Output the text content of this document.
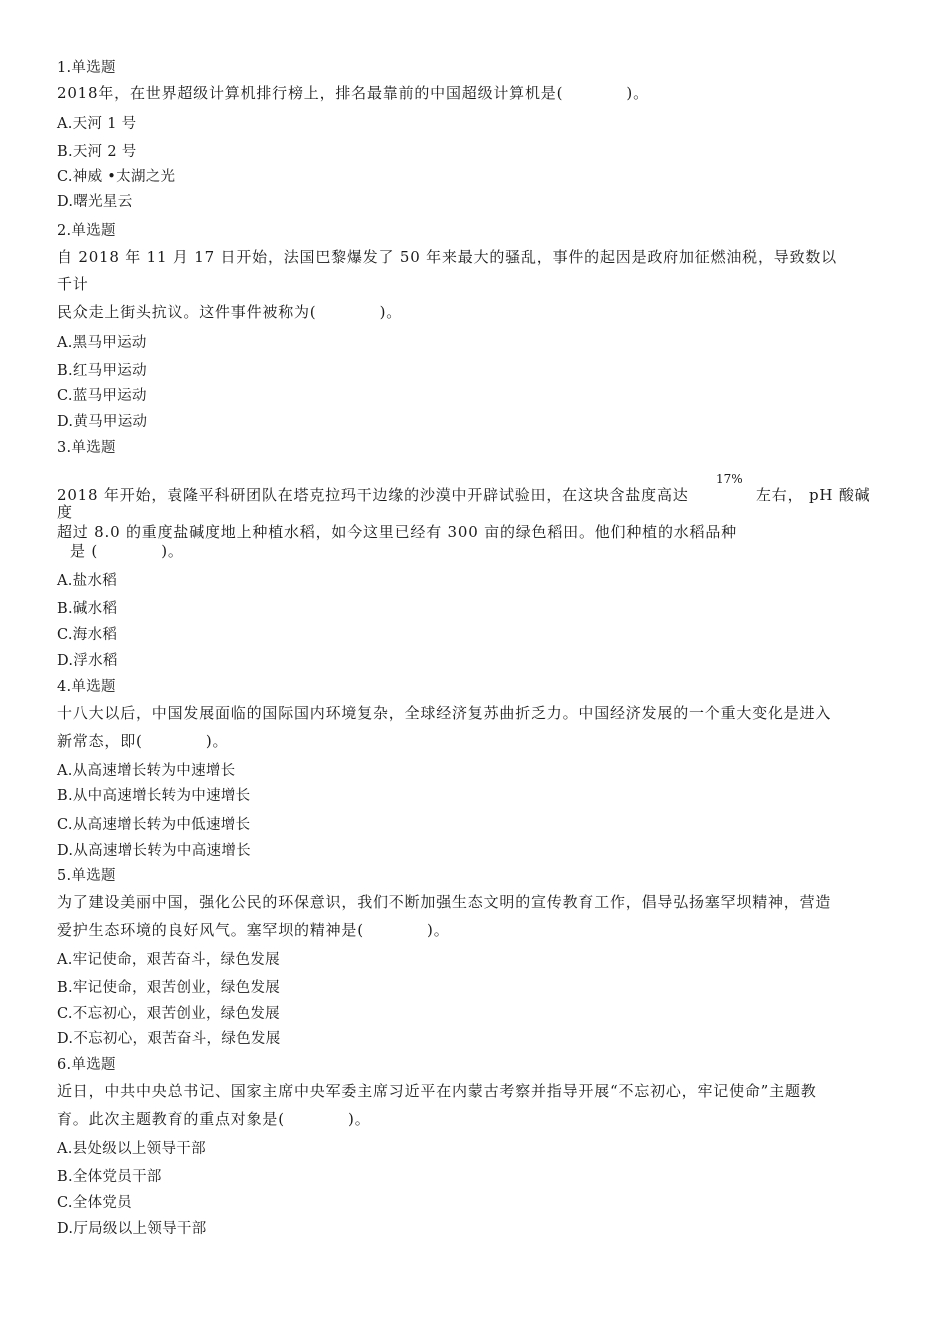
1.单选题
2018年，在世界超级计算机排行榜上，排名最靠前的中国超级计算机是(　　　　)。
A.天河 1 号
B.天河 2 号
C.神威 •太湖之光
D.曙光星云
2.单选题
自 2018 年 11 月 17 日开始，法国巴黎爆发了 50 年来最大的骚乱，事件的起因是政府加征燃油税，导致数以
千计
民众走上街头抗议。这件事件被称为(　　　　)。
A.黑马甲运动
B.红马甲运动
C.蓝马甲运动
D.黄马甲运动
3.单选题
17%
2018 年开始，袁隆平科研团队在塔克拉玛干边缘的沙漠中开辟试验田，在这块含盐度高达	左右， pH 酸碱
度
超过 8.0 的重度盐碱度地上种植水稻，如今这里已经有 300 亩的绿色稻田。他们种植的水稻品种
是 (　　　　)。
A.盐水稻
B.碱水稻
C.海水稻
D.浮水稻
4.单选题
十八大以后，中国发展面临的国际国内环境复杂，全球经济复苏曲折乏力。中国经济发展的一个重大变化是进入
新常态，即(　　　　)。
A.从高速增长转为中速增长
B.从中高速增长转为中速增长
C.从高速增长转为中低速增长
D.从高速增长转为中高速增长
5.单选题
为了建设美丽中国，强化公民的环保意识，我们不断加强生态文明的宣传教育工作，倡导弘扬塞罕坝精神，营造
爱护生态环境的良好风气。塞罕坝的精神是(　　　　)。
A.牢记使命，艰苦奋斗，绿色发展
B.牢记使命，艰苦创业，绿色发展
C.不忘初心，艰苦创业，绿色发展
D.不忘初心，艰苦奋斗，绿色发展
6.单选题
近日，中共中央总书记、国家主席中央军委主席习近平在内蒙古考察并指导开展“不忘初心，牢记使命”主题教
育。此次主题教育的重点对象是(　　　　)。
A.县处级以上领导干部
B.全体党员干部
C.全体党员
D.厅局级以上领导干部
